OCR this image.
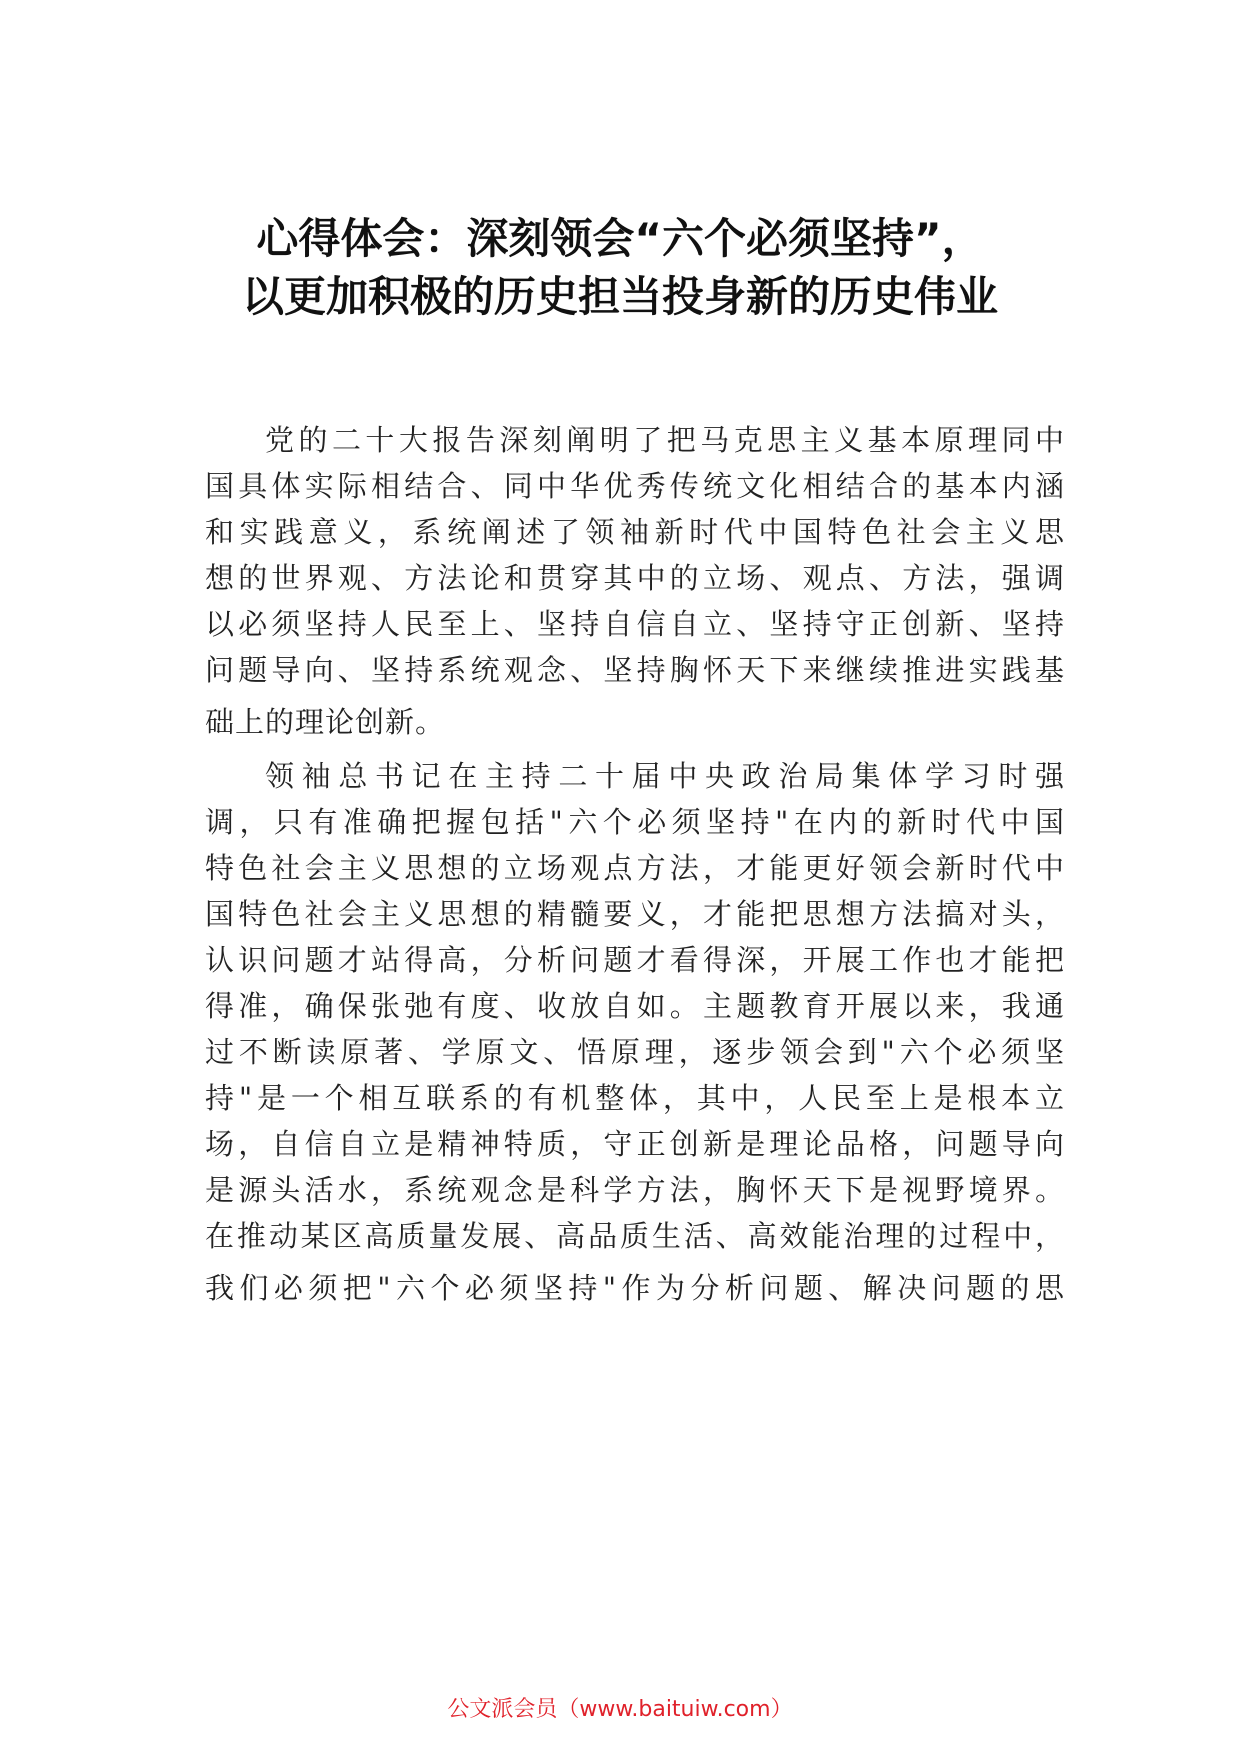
心得体会：深刻领会“六个必须坚持”，
以更加积极的历史担当投身新的历史伟业
党的二十大报告深刻阐明了把马克思主义基本原理同中
国具体实际相结合、同中华优秀传统文化相结合的基本内涵
和实践意义，系统阐述了领袖新时代中国特色社会主义思
想的世界观、方法论和贯穿其中的立场、观点、方法，强调
以必须坚持人民至上、坚持自信自立、坚持守正创新、坚持
问题导向、坚持系统观念、坚持胸怀天下来继续推进实践基
础上的理论创新。
领袖总书记在主持二十届中央政治局集体学习时强
调，只有准确把握包括"六个必须坚持"在内的新时代中国
特色社会主义思想的立场观点方法，才能更好领会新时代中
国特色社会主义思想的精髓要义，才能把思想方法搞对头，
认识问题才站得高，分析问题才看得深，开展工作也才能把
得准，确保张弛有度、收放自如。主题教育开展以来，我通
过不断读原著、学原文、悟原理，逐步领会到"六个必须坚
持"是一个相互联系的有机整体，其中，人民至上是根本立
场，自信自立是精神特质，守正创新是理论品格，问题导向
是源头活水，系统观念是科学方法，胸怀天下是视野境界。
在推动某区高质量发展、高品质生活、高效能治理的过程中，
我们必须把"六个必须坚持"作为分析问题、解决问题的思
公文派会员（www.baituiw.com）
